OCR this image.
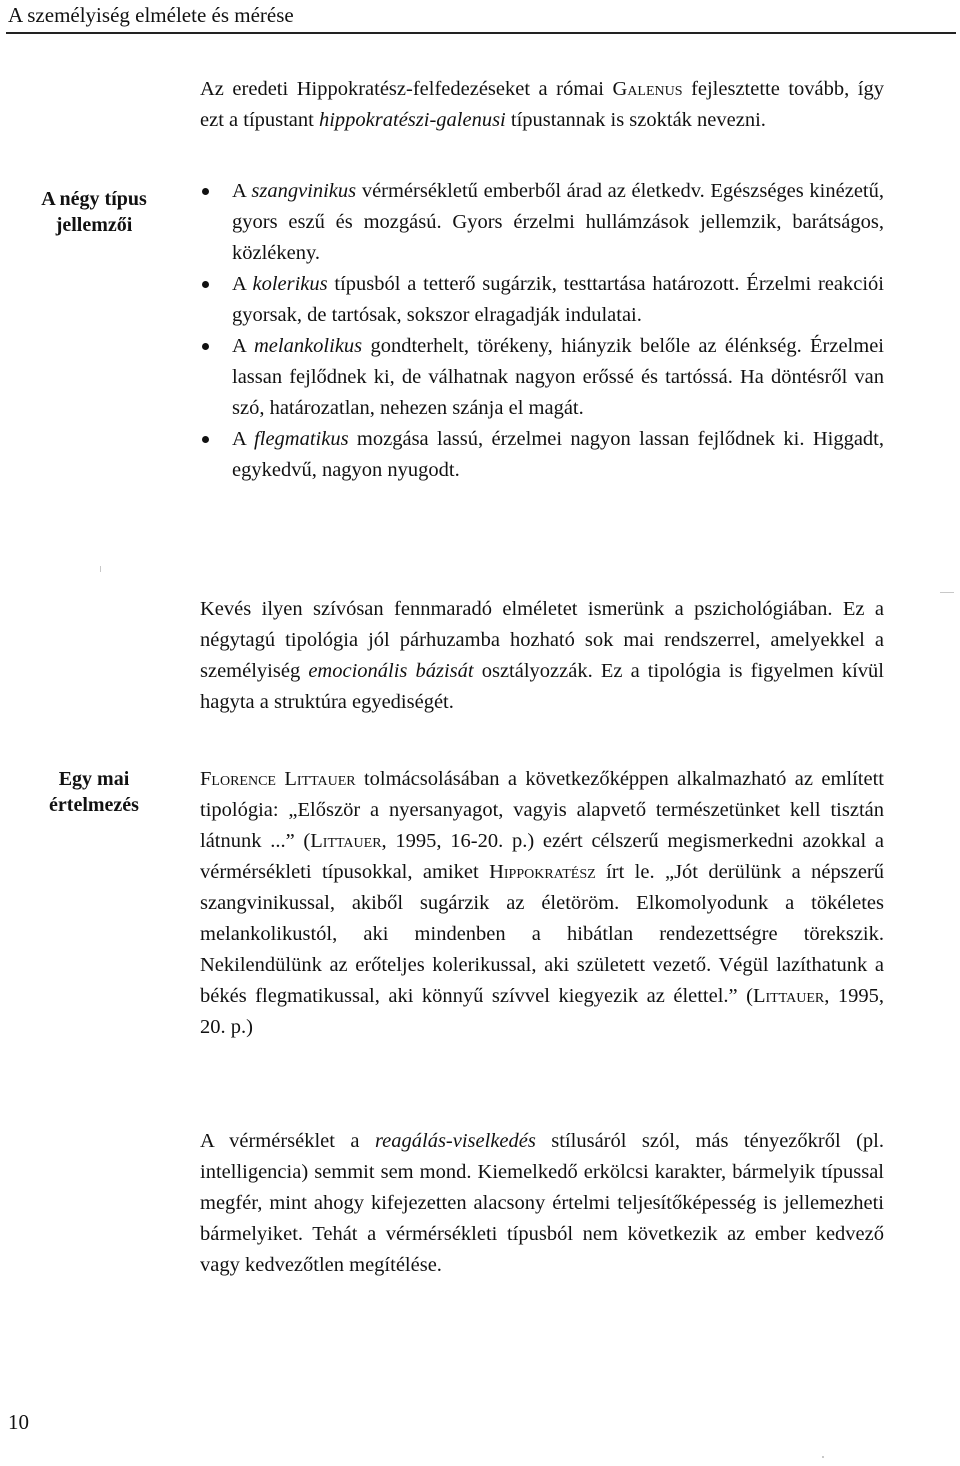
A személyiség elmélete és mérése
Az eredeti Hippokratész-felfedezéseket a római Galenus fejlesztette tovább, így ezt a típustant hippokratészi-galenusi típustannak is szokták nevezni.
A négy típus
jellemzői
A szangvinikus vérmérsékletű emberből árad az életkedv. Egészséges kinézetű, gyors eszű és mozgású. Gyors érzelmi hullámzások jellemzik, barátságos, közlékeny.
A kolerikus típusból a tetterő sugárzik, testtartása határozott. Érzelmi reakciói gyorsak, de tartósak, sokszor elragadják indulatai.
A melankolikus gondterhelt, törékeny, hiányzik belőle az élénkség. Érzelmei lassan fejlődnek ki, de válhatnak nagyon erőssé és tartóssá. Ha döntésről van szó, határozatlan, nehezen szánja el magát.
A flegmatikus mozgása lassú, érzelmei nagyon lassan fejlődnek ki. Higgadt, egykedvű, nagyon nyugodt.
Kevés ilyen szívósan fennmaradó elméletet ismerünk a pszichológiában. Ez a négytagú tipológia jól párhuzamba hozható sok mai rendszerrel, amelyekkel a személyiség emocionális bázisát osztályozzák. Ez a tipológia is figyelmen kívül hagyta a struktúra egyediségét.
Egy mai
értelmezés
Florence Littauer tolmácsolásában a következőképpen alkalmazható az említett tipológia: „Először a nyersanyagot, vagyis alapvető természetünket kell tisztán látnunk ...” (Littauer, 1995, 16-20. p.) ezért célszerű megismerkedni azokkal a vérmérsékleti típusokkal, amiket Hippokratész írt le. „Jót derülünk a népszerű szangvinikussal, akiből sugárzik az életöröm. Elkomolyodunk a tökéletes melankolikustól, aki mindenben a hibátlan rendezettségre törekszik. Nekilendülünk az erőteljes kolerikussal, aki született vezető. Végül lazíthatunk a békés flegmatikussal, aki könnyű szívvel kiegyezik az élettel.” (Littauer, 1995, 20. p.)
A vérmérséklet a reagálás-viselkedés stílusáról szól, más tényezőkről (pl. intelligencia) semmit sem mond. Kiemelkedő erkölcsi karakter, bármelyik típussal megfér, mint ahogy kifejezetten alacsony értelmi teljesítőképesség is jellemezheti bármelyiket. Tehát a vérmérsékleti típusból nem következik az ember kedvező vagy kedvezőtlen megítélése.
10
